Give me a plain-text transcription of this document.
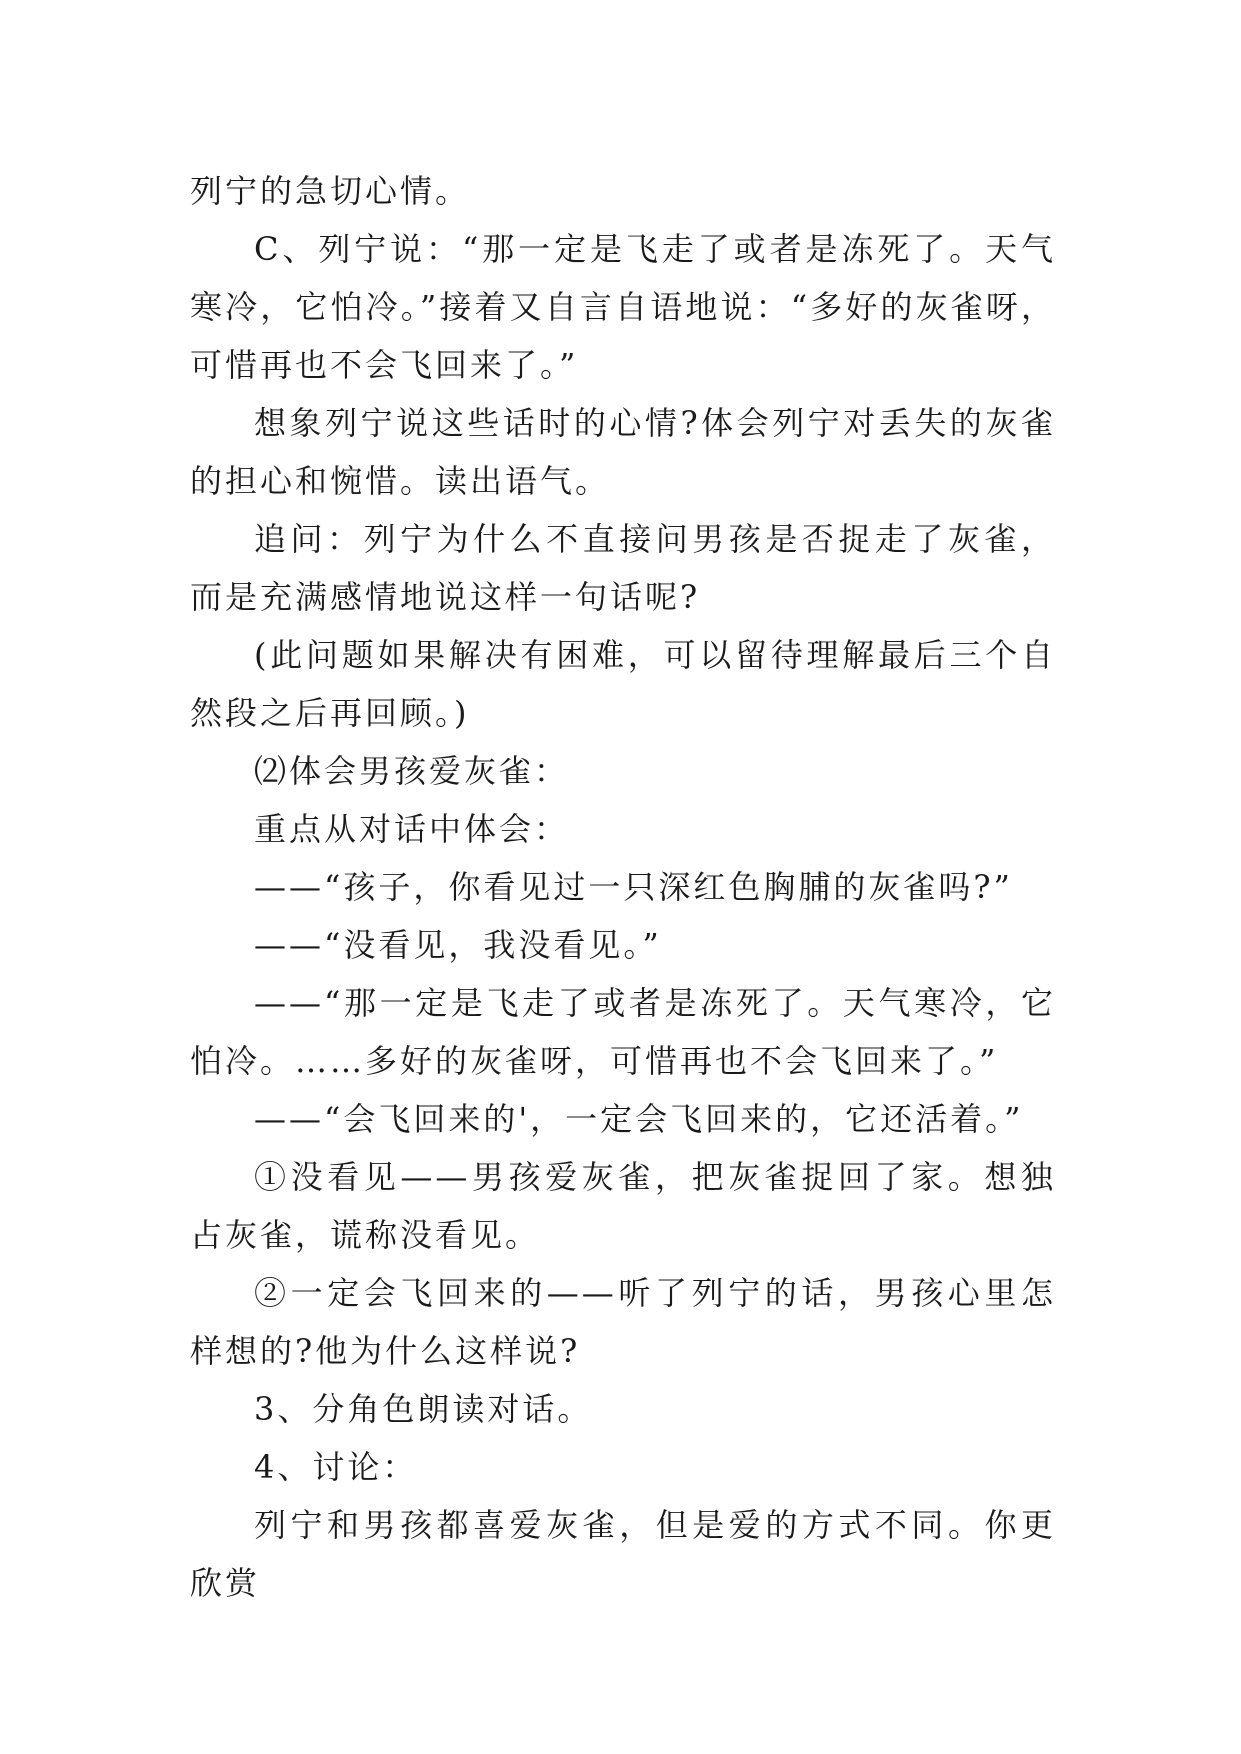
列宁的急切心情。

C、列宁说：“那一定是飞走了或者是冻死了。天气寒冷，它怕冷。”接着又自言自语地说：“多好的灰雀呀，可惜再也不会飞回来了。”

想象列宁说这些话时的心情?体会列宁对丢失的灰雀的担心和惋惜。读出语气。

追问：列宁为什么不直接问男孩是否捉走了灰雀，而是充满感情地说这样一句话呢?

(此问题如果解决有困难，可以留待理解最后三个自然段之后再回顾。)

⑵体会男孩爱灰雀：

重点从对话中体会：

——“孩子，你看见过一只深红色胸脯的灰雀吗?”

——“没看见，我没看见。”

——“那一定是飞走了或者是冻死了。天气寒冷，它怕冷。……多好的灰雀呀，可惜再也不会飞回来了。”

——“会飞回来的'，一定会飞回来的，它还活着。”

①没看见——男孩爱灰雀，把灰雀捉回了家。想独占灰雀，谎称没看见。

②一定会飞回来的——听了列宁的话，男孩心里怎样想的?他为什么这样说?

3、分角色朗读对话。

4、讨论：

列宁和男孩都喜爱灰雀，但是爱的方式不同。你更欣赏
